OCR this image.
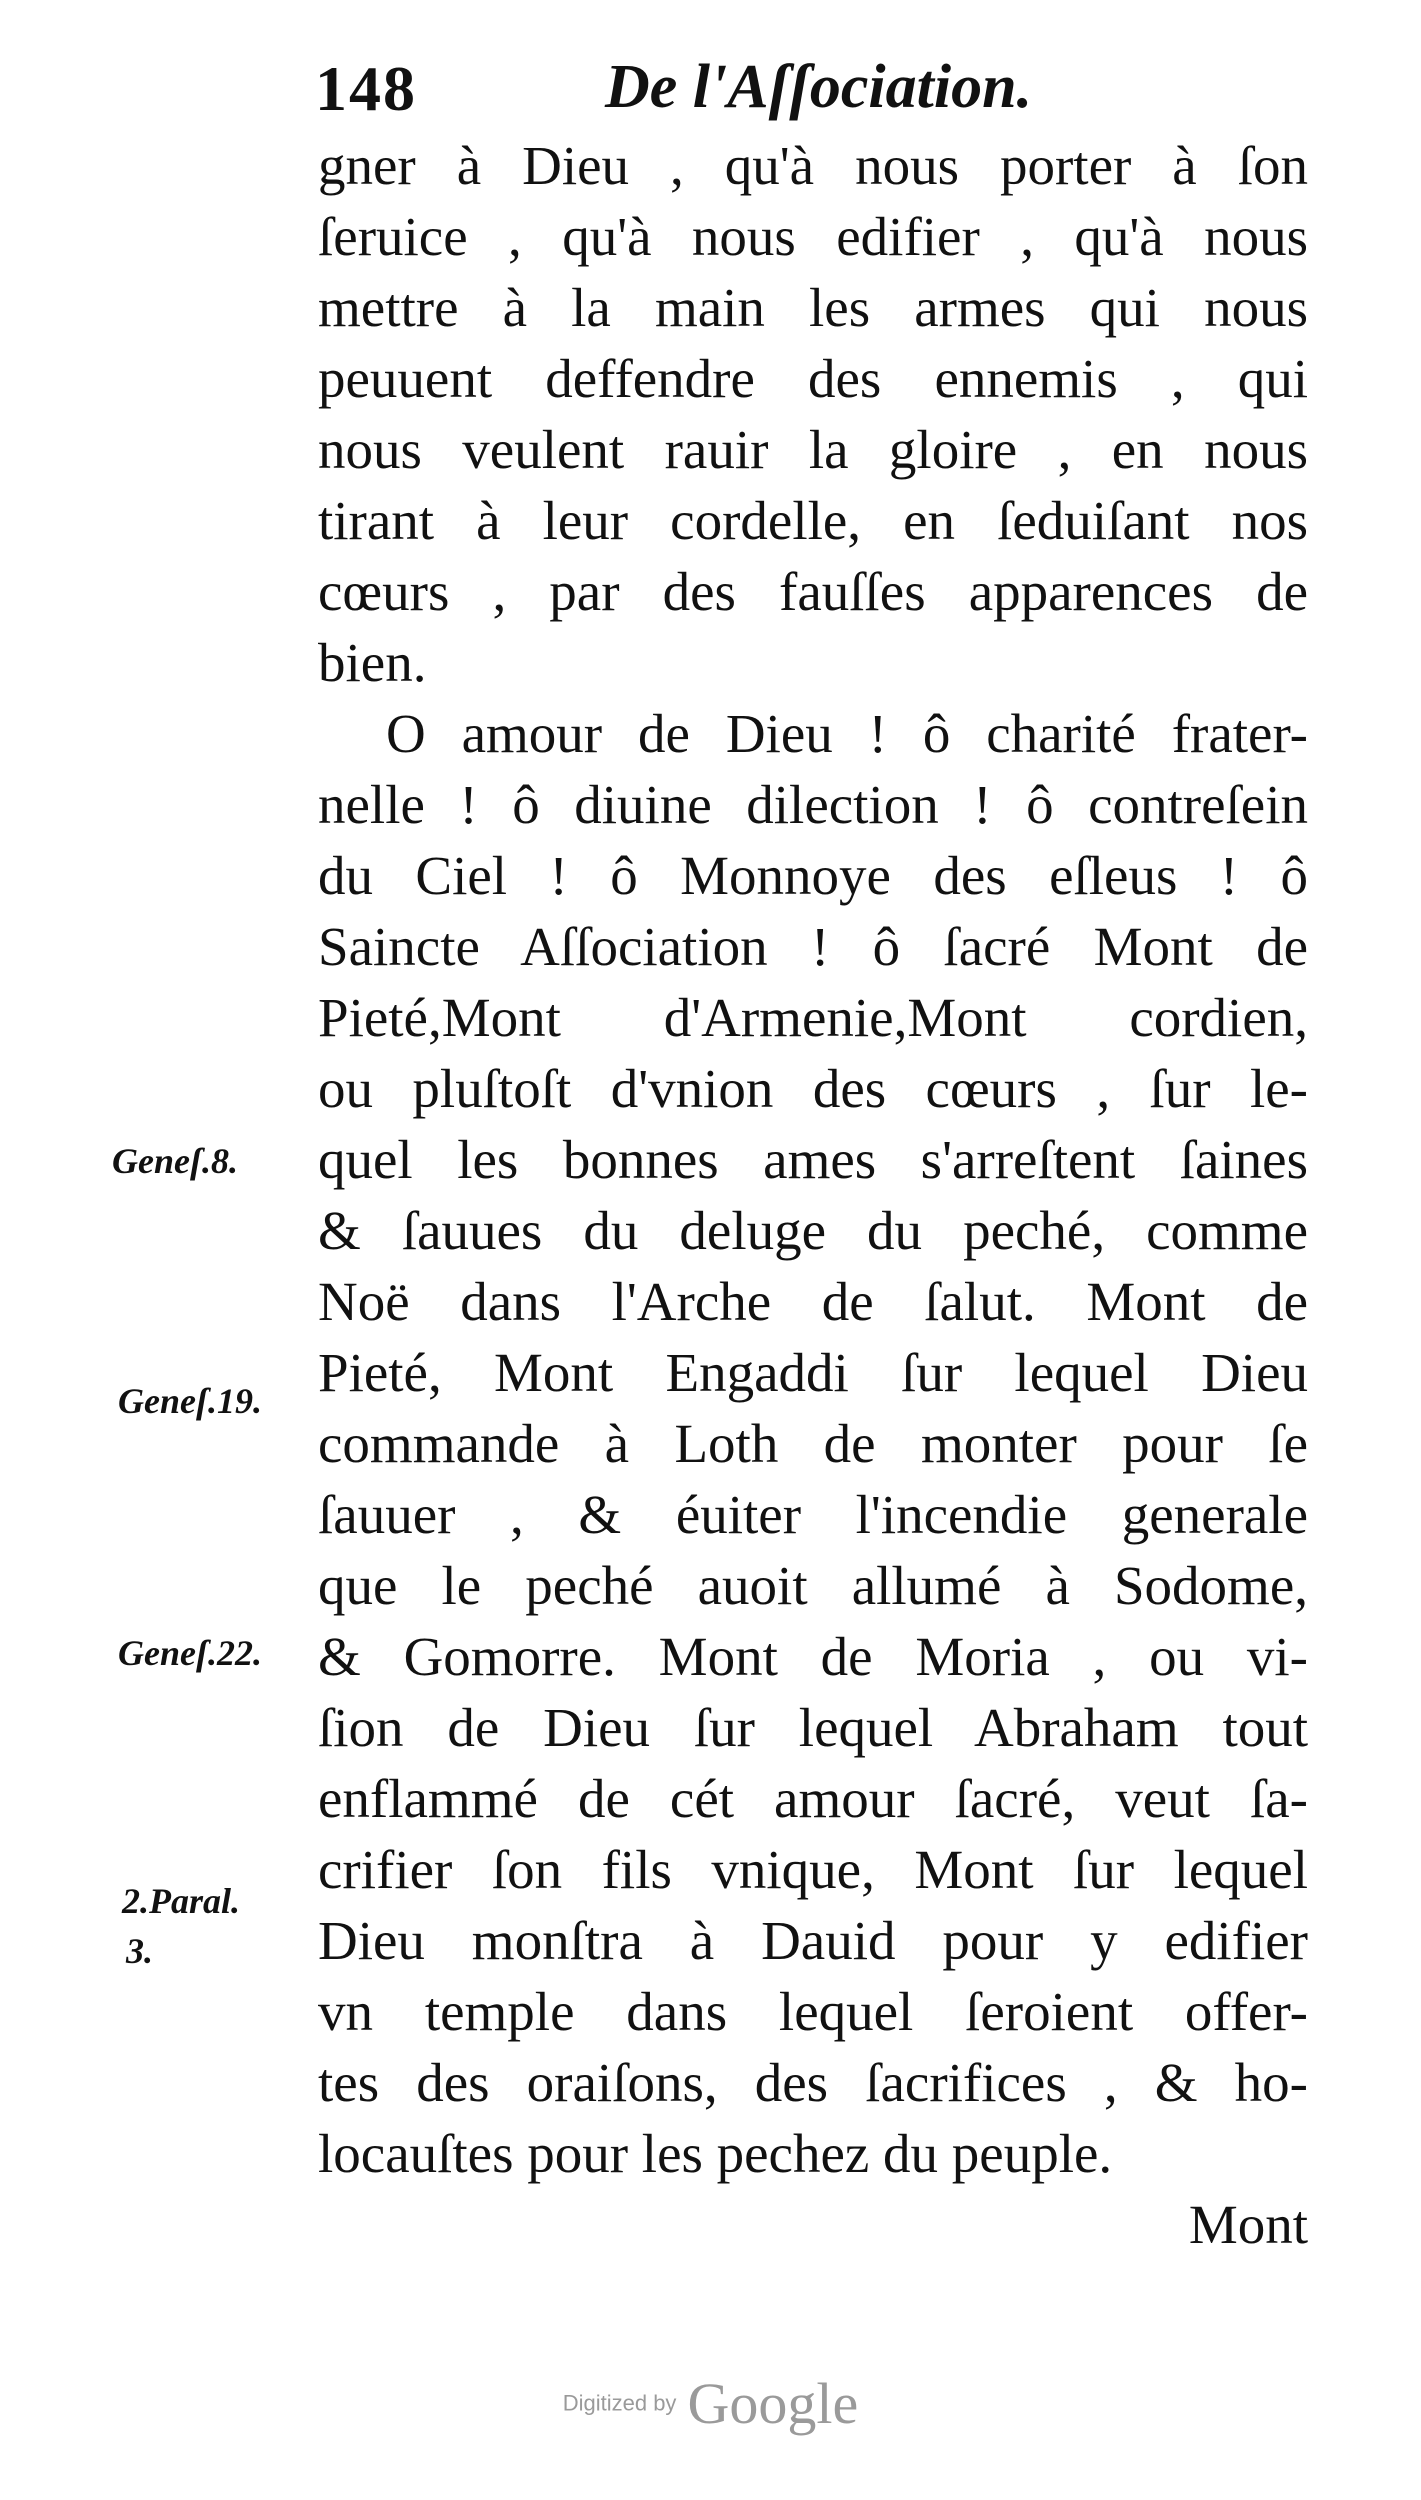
148	De l'Aſſociation.
gner à Dieu , qu'à nous porter à ſon
ſeruice , qu'à nous edifier , qu'à nous
mettre à la main les armes qui nous
peuuent deffendre des ennemis , qui
nous veulent rauir la gloire , en nous
tirant à leur cordelle, en ſeduiſant nos
cœurs , par des fauſſes apparences de
bien.
O amour de Dieu ! ô charité frater-
nelle ! ô diuine dilection ! ô contreſein
du Ciel ! ô Monnoye des eſleus ! ô
Saincte Aſſociation ! ô ſacré Mont de
Pieté,Mont d'Armenie,Mont cordien,
ou pluſtoſt d'vnion des cœurs , ſur le-
quel les bonnes ames s'arreſtent ſaines
& ſauues du deluge du peché, comme
Noë dans l'Arche de ſalut. Mont de
Pieté, Mont Engaddi ſur lequel Dieu
commande à Loth de monter pour ſe
ſauuer , & éuiter l'incendie generale
que le peché auoit allumé à Sodome,
& Gomorre. Mont de Moria , ou vi-
ſion de Dieu ſur lequel Abraham tout
enflammé de cét amour ſacré, veut ſa-
crifier ſon fils vnique, Mont ſur lequel
Dieu monſtra à Dauid pour y edifier
vn temple dans lequel ſeroient offer-
tes des oraiſons, des ſacrifices , & ho-
locauſtes pour les pechez du peuple.
Mont
Geneſ.8.
Geneſ.19.
Geneſ.22.
2.Paral.
3.
Digitized by Google
